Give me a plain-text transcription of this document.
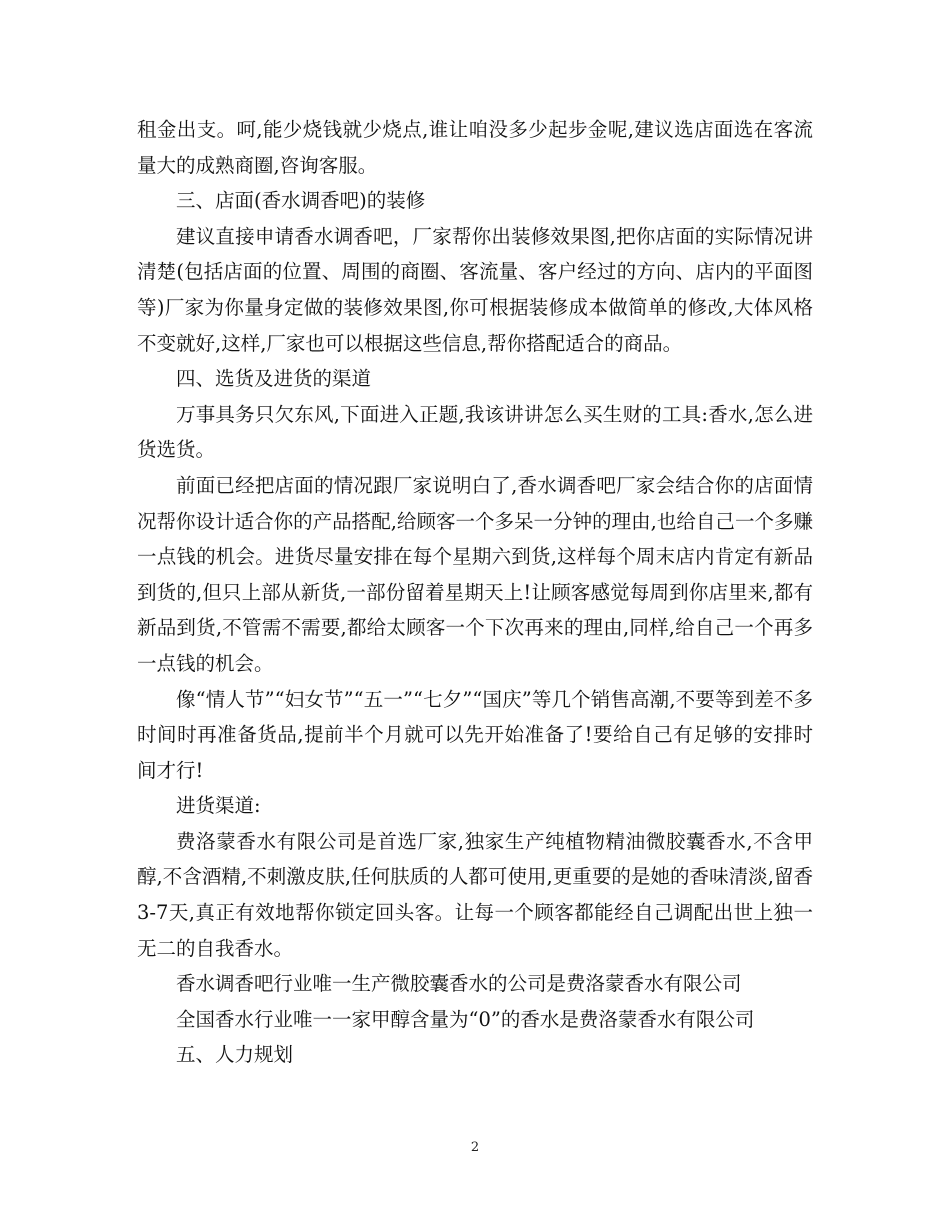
租金出支。呵,能少烧钱就少烧点,谁让咱没多少起步金呢,建议选店面选在客流量大的成熟商圈,咨询客服。

三、店面(香水调香吧)的装修

建议直接申请香水调香吧，厂家帮你出装修效果图,把你店面的实际情况讲清楚(包括店面的位置、周围的商圈、客流量、客户经过的方向、店内的平面图等)厂家为你量身定做的装修效果图,你可根据装修成本做简单的修改,大体风格不变就好,这样,厂家也可以根据这些信息,帮你搭配适合的商品。

四、选货及进货的渠道

万事具务只欠东风,下面进入正题,我该讲讲怎么买生财的工具:香水,怎么进货选货。

前面已经把店面的情况跟厂家说明白了,香水调香吧厂家会结合你的店面情况帮你设计适合你的产品搭配,给顾客一个多呆一分钟的理由,也给自己一个多赚一点钱的机会。进货尽量安排在每个星期六到货,这样每个周末店内肯定有新品到货的,但只上部从新货,一部份留着星期天上!让顾客感觉每周到你店里来,都有新品到货,不管需不需要,都给太顾客一个下次再来的理由,同样,给自己一个再多一点钱的机会。

像“情人节”“妇女节”“五一”“七夕”“国庆”等几个销售高潮,不要等到差不多时间时再准备货品,提前半个月就可以先开始准备了!要给自己有足够的安排时间才行!

进货渠道:

费洛蒙香水有限公司是首选厂家,独家生产纯植物精油微胶囊香水,不含甲醇,不含酒精,不刺激皮肤,任何肤质的人都可使用,更重要的是她的香味清淡,留香 3-7天,真正有效地帮你锁定回头客。让每一个顾客都能经自己调配出世上独一无二的自我香水。

香水调香吧行业唯一生产微胶囊香水的公司是费洛蒙香水有限公司

全国香水行业唯一一家甲醇含量为“0”的香水是费洛蒙香水有限公司

五、人力规划

2
